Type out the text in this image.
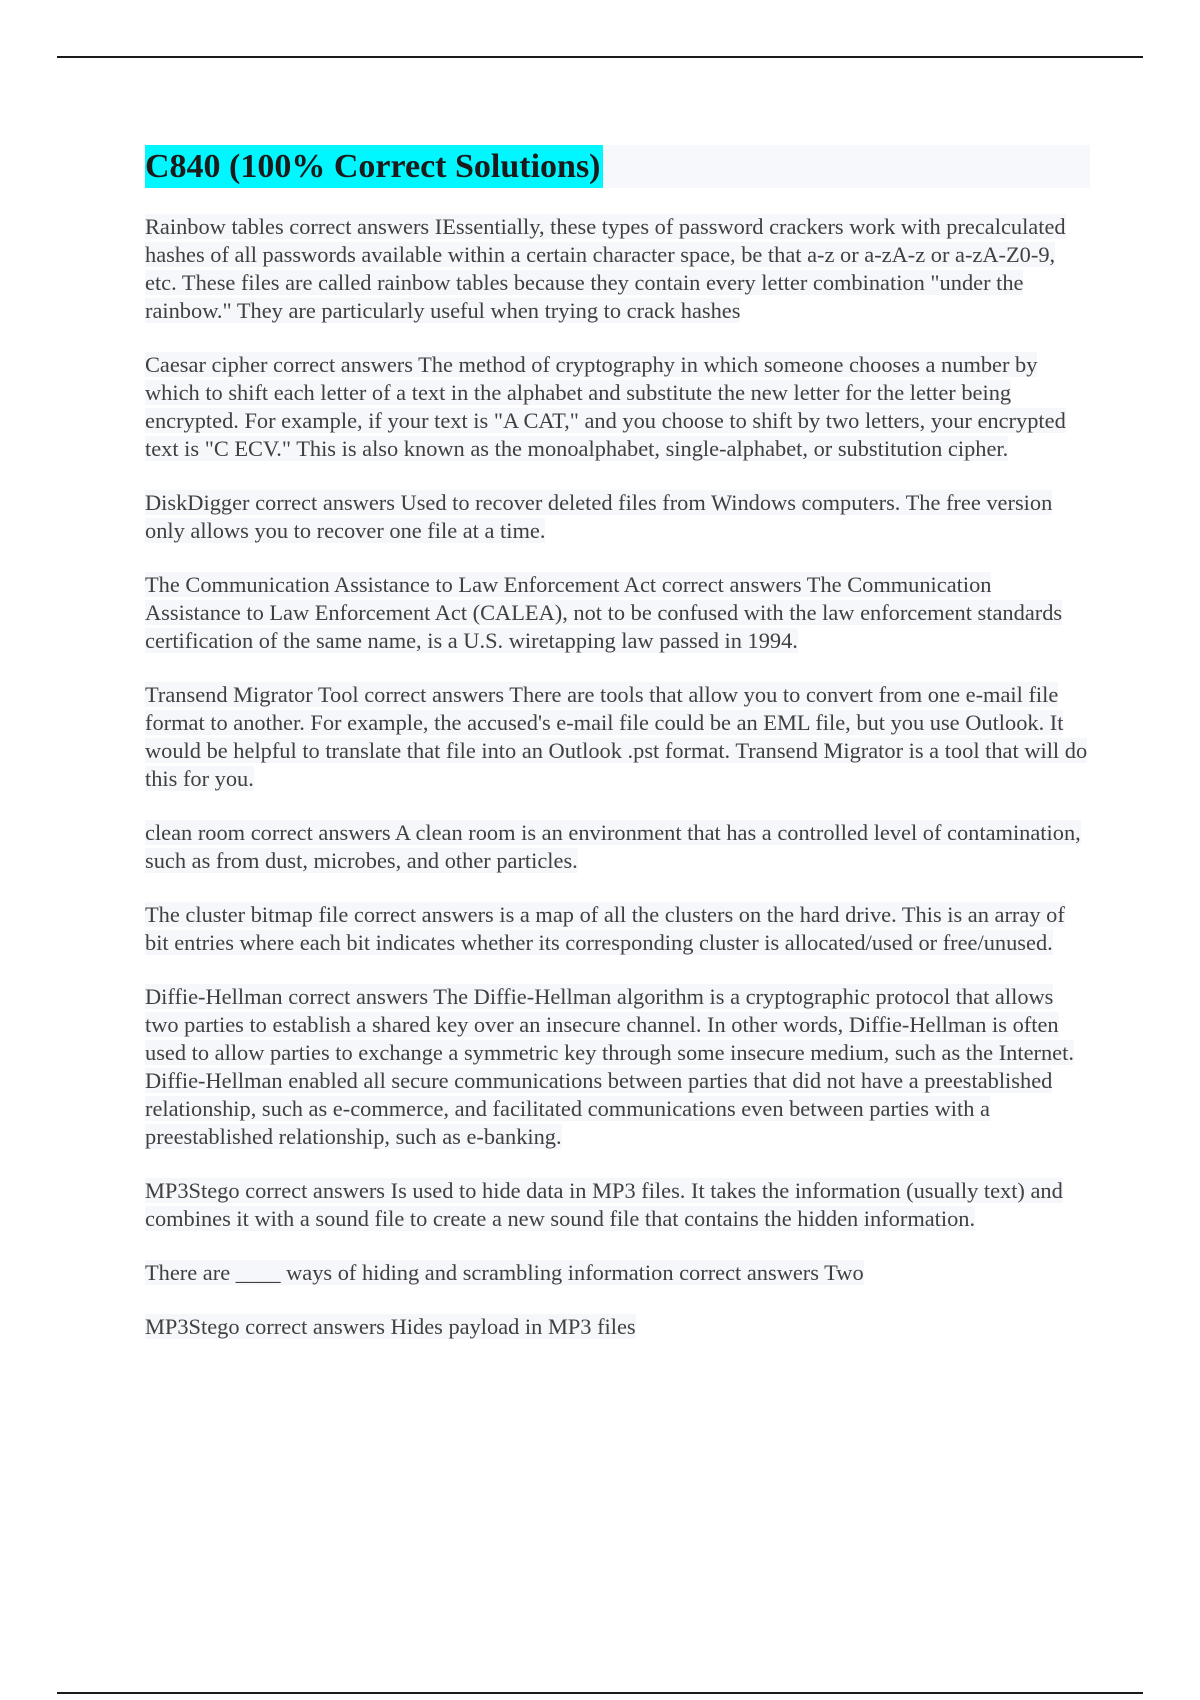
C840 (100% Correct Solutions)

Rainbow tables correct answers IEssentially, these types of password crackers work with precalculated hashes of all passwords available within a certain character space, be that a-z or a-zA-z or a-zA-Z0-9, etc. These files are called rainbow tables because they contain every letter combination "under the rainbow." They are particularly useful when trying to crack hashes

Caesar cipher correct answers The method of cryptography in which someone chooses a number by which to shift each letter of a text in the alphabet and substitute the new letter for the letter being encrypted. For example, if your text is "A CAT," and you choose to shift by two letters, your encrypted text is "C ECV." This is also known as the monoalphabet, single-alphabet, or substitution cipher.

DiskDigger correct answers Used to recover deleted files from Windows computers. The free version only allows you to recover one file at a time.

The Communication Assistance to Law Enforcement Act correct answers The Communication Assistance to Law Enforcement Act (CALEA), not to be confused with the law enforcement standards certification of the same name, is a U.S. wiretapping law passed in 1994.

Transend Migrator Tool correct answers There are tools that allow you to convert from one e-mail file format to another. For example, the accused's e-mail file could be an EML file, but you use Outlook. It would be helpful to translate that file into an Outlook .pst format. Transend Migrator is a tool that will do this for you.

clean room correct answers A clean room is an environment that has a controlled level of contamination, such as from dust, microbes, and other particles.

The cluster bitmap file correct answers is a map of all the clusters on the hard drive. This is an array of bit entries where each bit indicates whether its corresponding cluster is allocated/used or free/unused.

Diffie-Hellman correct answers The Diffie-Hellman algorithm is a cryptographic protocol that allows two parties to establish a shared key over an insecure channel. In other words, Diffie-Hellman is often used to allow parties to exchange a symmetric key through some insecure medium, such as the Internet. Diffie-Hellman enabled all secure communications between parties that did not have a preestablished relationship, such as e-commerce, and facilitated communications even between parties with a preestablished relationship, such as e-banking.

MP3Stego correct answers Is used to hide data in MP3 files. It takes the information (usually text) and combines it with a sound file to create a new sound file that contains the hidden information.

There are ____ ways of hiding and scrambling information correct answers Two

MP3Stego correct answers Hides payload in MP3 files
